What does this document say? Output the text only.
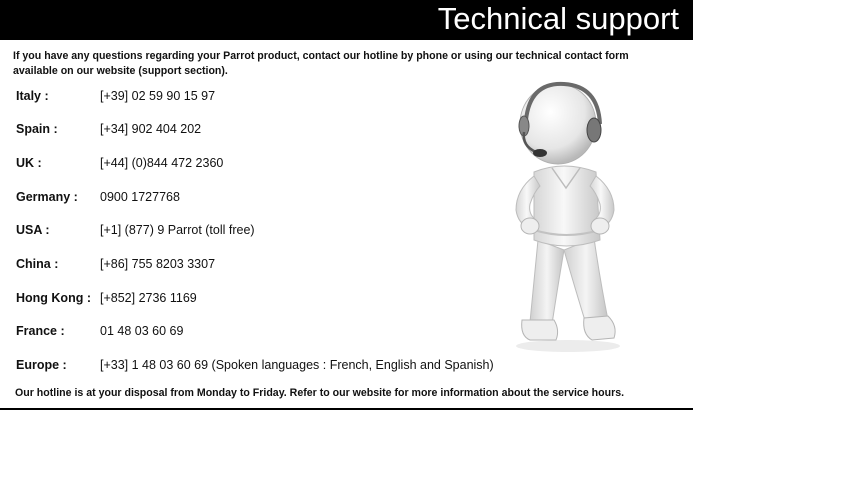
Technical support
If you have any questions regarding your Parrot product, contact our hotline by phone or using our technical contact form available on our website (support section).
Italy :	[+39] 02 59 90 15 97
Spain :	[+34] 902 404 202
UK :	[+44] (0)844 472 2360
Germany : 0900 1727768
USA :	[+1] (877) 9 Parrot (toll free)
China :	[+86] 755 8203 3307
Hong Kong : [+852] 2736 1169
France :	01 48 03 60 69
Europe :	[+33] 1 48 03 60 69 (Spoken languages : French, English and Spanish)
Our hotline is at your disposal from Monday to Friday. Refer to our website for more information about the service hours.
